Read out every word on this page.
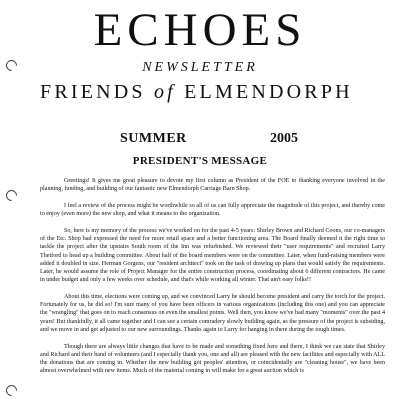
ECHOES
NEWSLETTER
FRIENDS of ELMENDORPH
SUMMER	2005
PRESIDENT'S MESSAGE

Greetings! It gives me great pleasure to devote my first column as President of the FOE to thanking everyone involved in the planning, funding, and building of our fantastic new Elmendorph Carriage Barn Shop.

I feel a review of the process might be worthwhile so all of us can fully appreciate the magnitude of this project, and thereby come to enjoy (even more) the new shop, and what it means to the organization.

So, here is my memory of the process we've worked on for the past 4-5 years: Shirley Brown and Richard Coons, our co-managers of the Etc. Shop had expressed the need for more retail space and a better functioning area. The Board finally deemed it the right time to tackle the project after the upstairs South room of the Inn was refurbished. We reviewed their "user requirements" and recruited Larry Thetford to head up a building committee. About half of the board members were on the committee. Later, when fund-raising members were added it doubled in size. Herman Gorgens, our "resident architect" took on the task of drawing up plans that would satisfy the requirements. Later, he would assume the role of Project Manager for the entire construction process, coordinating about 6 different contractors. He came in under budget and only a few weeks over schedule, and that's while working all winter. That ain't easy folks!!

About this time, elections were coming up, and we convinced Larry he should become president and carry the torch for the project. Fortunately for us, he did so! I'm sure many of you have been officers in various organizations (including this one) and you can appreciate the "wrangling" that goes on to reach consensus on even the smallest points. Well then, you know we've had many "moments" over the past 4 years! But thankfully, it all came together and I can see a certain comradery slowly building again, as the pressure of the project is subsiding, and we move in and get adjusted to our new surroundings. Thanks again to Larry for hanging in there during the tough times.

Though there are always little changes that have to be made and something fixed here and there, I think we can state that Shirley and Richard and their band of volunteers (and I especially thank you, one and all) are pleased with the new facilities and especially with ALL the donations that are coming in. Whether the new building got peoples' attention, or coincidentally are "cleaning house", we have been almost overwhelmed with new items. Much of the material coming in will make for a great auction which is
